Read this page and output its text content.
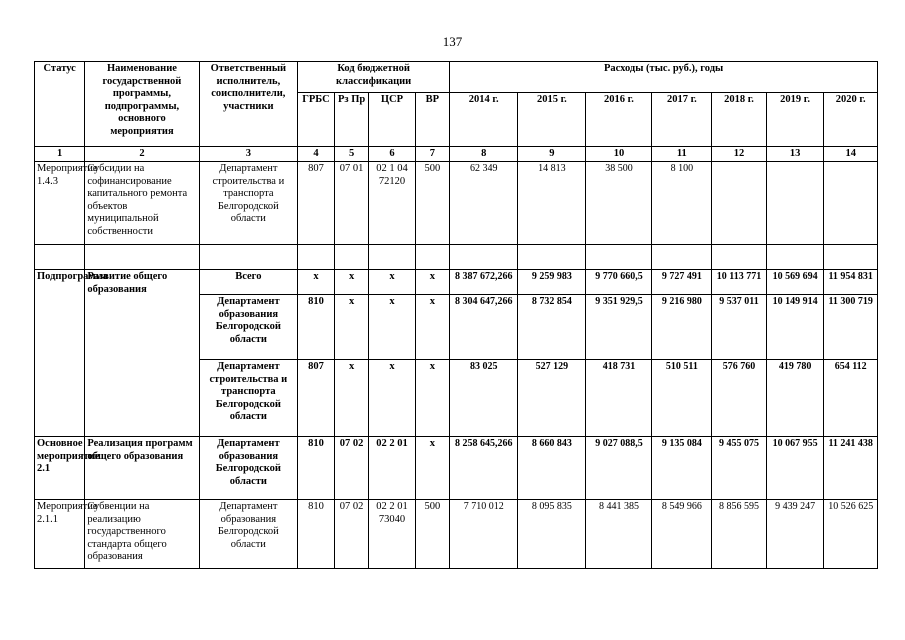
137
Статус	Наименование государственной программы, подпрограммы, основного мероприятия	Ответственный исполнитель, соисполнители, участники	Код бюджетной классификации				Расходы (тыс. руб.), годы						
			ГРБС	Рз Пр	ЦСР	ВР	2014 г.	2015 г.	2016 г.	2017 г.	2018 г.	2019 г.	2020 г.
1	2	3	4	5	6	7	8	9	10	11	12	13	14
Мероприятие 1.4.3	Субсидии на софинансирование капитального ремонта объектов муниципальной собственности	Департамент строительства и транспорта Белгородской области	807	07 01	02 1 04 72120	500	62 349	14 813	38 500	8 100			

Подпрограмма	Развитие общего образования	Всего	х	х	х	х	8 387 672,266	9 259 983	9 770 660,5	9 727 491	10 113 771	10 569 694	11 954 831
		Департамент образования Белгородской области	810	х	х	х	8 304 647,266	8 732 854	9 351 929,5	9 216 980	9 537 011	10 149 914	11 300 719
		Департамент строительства и транспорта Белгородской области	807	х	х	х	83 025	527 129	418 731	510 511	576 760	419 780	654 112
Основное мероприятие 2.1	Реализация программ общего образования	Департамент образования Белгородской области	810	07 02	02 2 01	х	8 258 645,266	8 660 843	9 027 088,5	9 135 084	9 455 075	10 067 955	11 241 438
Мероприятие 2.1.1	Субвенции на реализацию государственного стандарта общего образования	Департамент образования Белгородской области	810	07 02	02 2 01 73040	500	7 710 012	8 095 835	8 441 385	8 549 966	8 856 595	9 439 247	10 526 625
